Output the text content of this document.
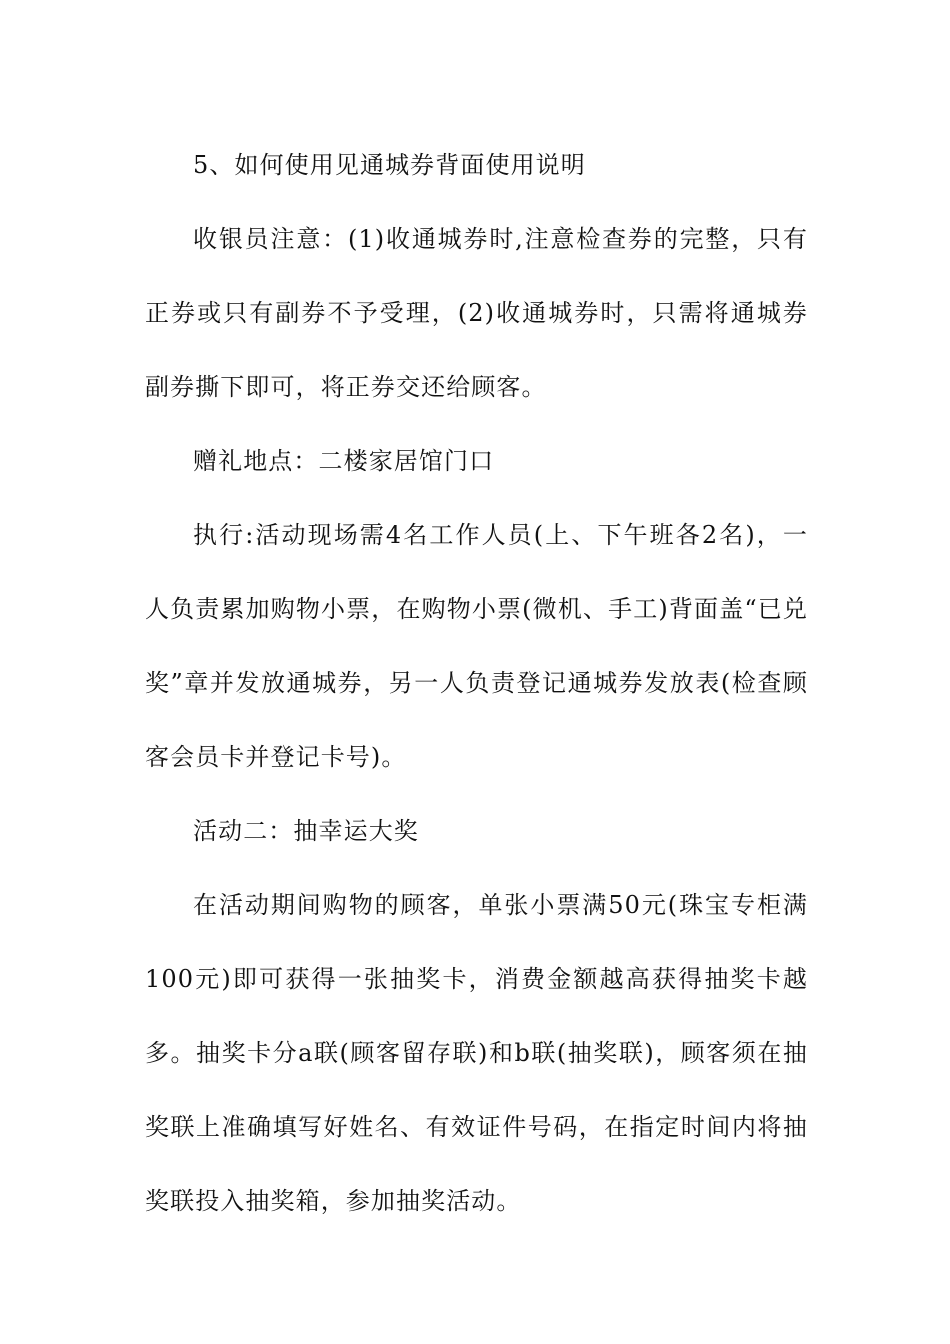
5、如何使用见通城券背面使用说明

收银员注意：(1)收通城券时,注意检查券的完整，只有正券或只有副券不予受理，(2)收通城券时，只需将通城券副券撕下即可，将正券交还给顾客。

赠礼地点：二楼家居馆门口

执行:活动现场需4名工作人员(上、下午班各2名)，一人负责累加购物小票，在购物小票(微机、手工)背面盖“已兑奖”章并发放通城券，另一人负责登记通城券发放表(检查顾客会员卡并登记卡号)。

活动二：抽幸运大奖

在活动期间购物的顾客，单张小票满50元(珠宝专柜满100元)即可获得一张抽奖卡，消费金额越高获得抽奖卡越多。抽奖卡分a联(顾客留存联)和b联(抽奖联)，顾客须在抽奖联上准确填写好姓名、有效证件号码，在指定时间内将抽奖联投入抽奖箱，参加抽奖活动。
